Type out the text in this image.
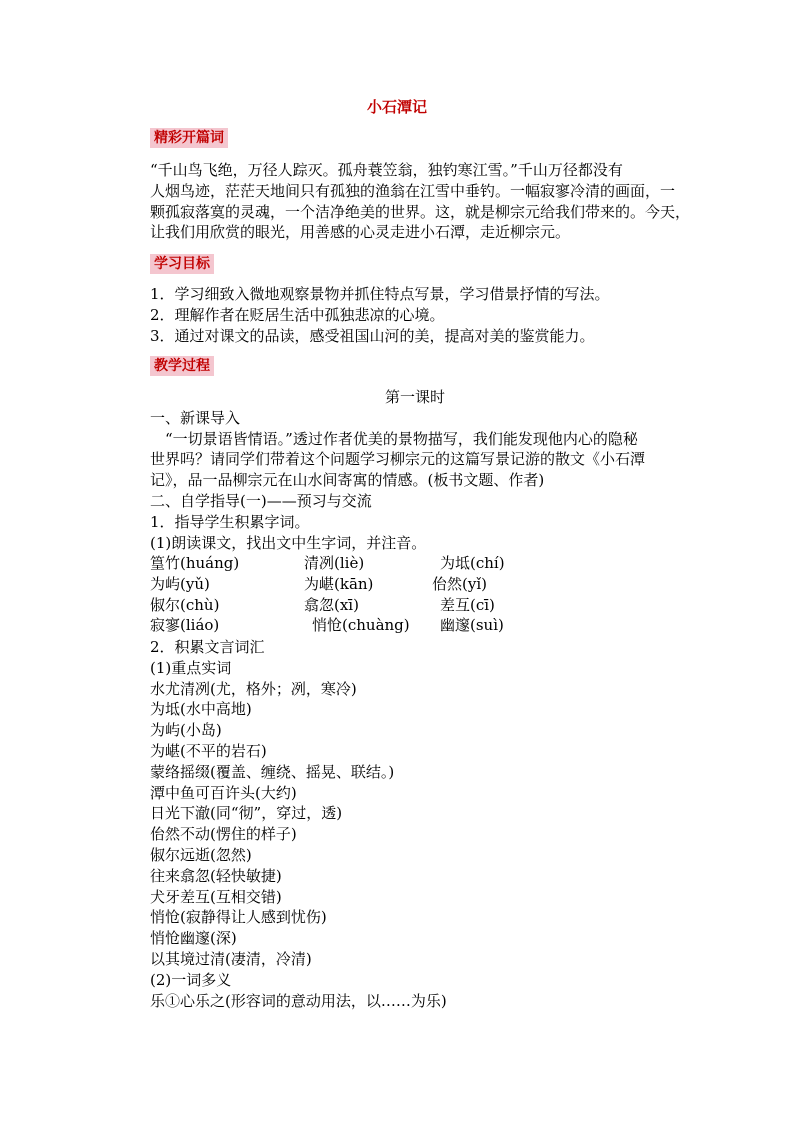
小石潭记
精彩开篇词
“千山鸟飞绝，万径人踪灭。孤舟蓑笠翁，独钓寒江雪。”千山万径都没有
人烟鸟迹，茫茫天地间只有孤独的渔翁在江雪中垂钓。一幅寂寥冷清的画面，一
颗孤寂落寞的灵魂，一个洁净绝美的世界。这，就是柳宗元给我们带来的。今天，
让我们用欣赏的眼光，用善感的心灵走进小石潭，走近柳宗元。
学习目标
1．学习细致入微地观察景物并抓住特点写景，学习借景抒情的写法。
2．理解作者在贬居生活中孤独悲凉的心境。
3．通过对课文的品读，感受祖国山河的美，提高对美的鉴赏能力。
教学过程
第一课时
一、新课导入
　“一切景语皆情语。”透过作者优美的景物描写，我们能发现他内心的隐秘
世界吗？请同学们带着这个问题学习柳宗元的这篇写景记游的散文《小石潭
记》，品一品柳宗元在山水间寄寓的情感。(板书文题、作者)
二、自学指导(一)——预习与交流
1．指导学生积累字词。
(1)朗读课文，找出文中生字词，并注音。
篁竹(huáng)	清冽(liè)	为坻(chí)
为屿(yǔ)	为嵁(kān)	佁然(yǐ)
俶尔(chù)	翕忽(xī)	差互(cī)
寂寥(liáo)	悄怆(chuàng) 幽邃(suì)
2．积累文言词汇
(1)重点实词
水尤清冽(尤，格外；冽，寒冷)
为坻(水中高地)
为屿(小岛)
为嵁(不平的岩石)
蒙络摇缀(覆盖、缠绕、摇晃、联结。)
潭中鱼可百许头(大约)
日光下澈(同“彻”，穿过，透)
佁然不动(愣住的样子)
俶尔远逝(忽然)
往来翕忽(轻快敏捷)
犬牙差互(互相交错)
悄怆(寂静得让人感到忧伤)
悄怆幽邃(深)
以其境过清(凄清，冷清)
(2)一词多义
乐①心乐之(形容词的意动用法，以……为乐)
